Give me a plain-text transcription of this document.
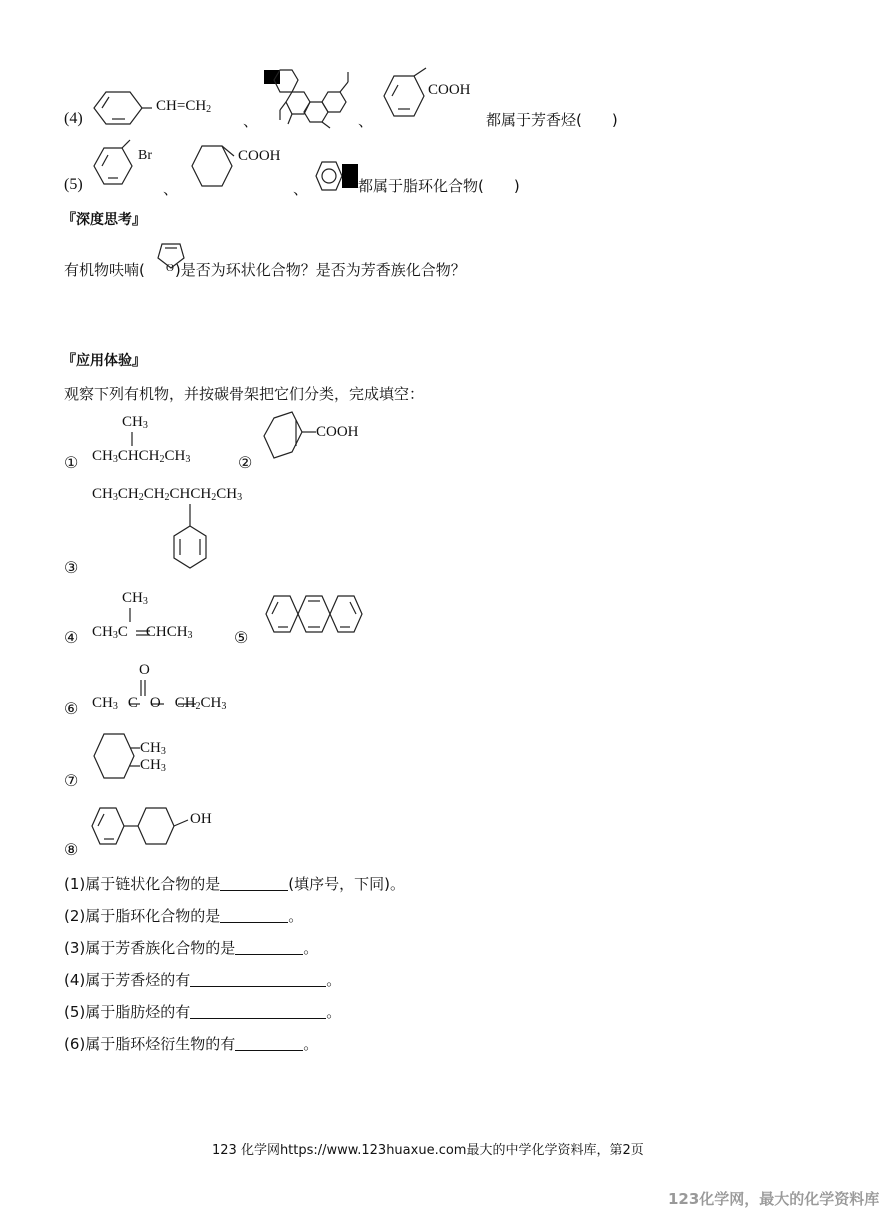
(4)
$CH=CH_2$
、	、
COOH
都属于芳香烃( )
(5)
Br
、
COOH
、	都属于脂环化合物( )
『深度思考』
有机物呋喃( )是否为环状化合物？是否为芳香族化合物？
O
『应用体验』
观察下列有机物，并按碳骨架把它们分类，完成填空：
①
$CH_3$
$CH_3CHCH_2CH_3$	②
COOH
$CH_3CH_2CH_2CHCH_2CH_3$
③
④
$CH_3$
$CH_3C$ $CHCH_3$	⑤
O
$CH_3$ C O $CH_2CH_3$
⑥
⑦
$CH_3$
$CH_3$
⑧
OH
(1)属于链状化合物的是	(填序号，下同)。
(2)属于脂环化合物的是	。
(3)属于芳香族化合物的是	。
(4)属于芳香烃的有	。
(5)属于脂肪烃的有	。
(6)属于脂环烃衍生物的有	。
123 化学网https://www.123huaxue.com最大的中学化学资料库，第2页
123化学网，最大的化学资料库
